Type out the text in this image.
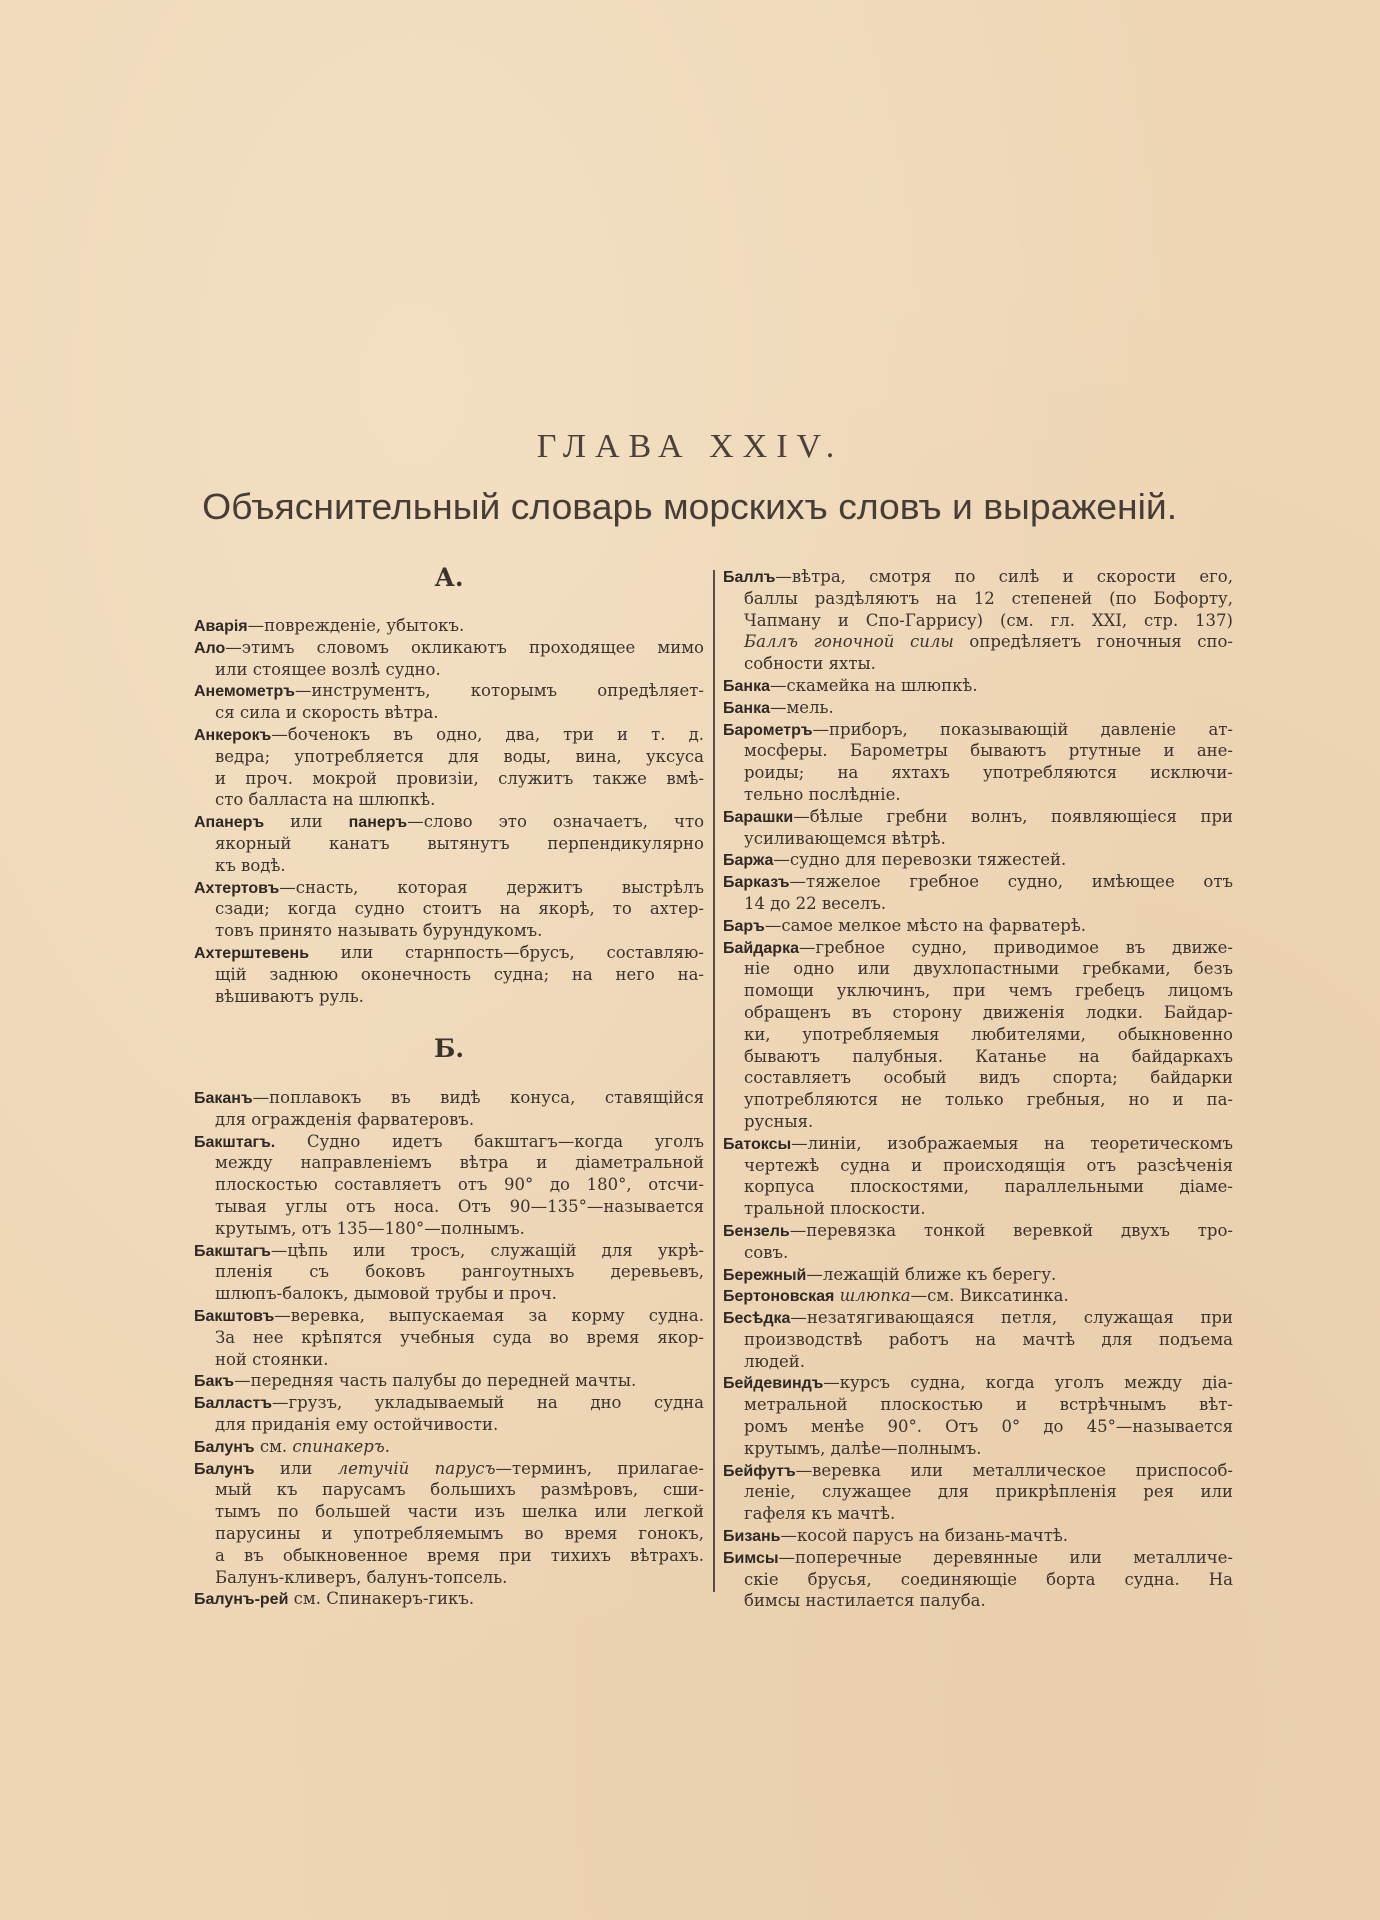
ГЛАВА XXIV.
Объяснительный словарь морскихъ словъ и выраженій.
А.
Аварія—поврежденіе, убытокъ.
Ало—этимъ словомъ окликаютъ проходящее мимо
или стоящее возлѣ судно.
Анемометръ—инструментъ, которымъ опредѣляет-
ся сила и скорость вѣтра.
Анкерокъ—боченокъ въ одно, два, три и т. д.
ведра; употребляется для воды, вина, уксуса
и проч. мокрой провизіи, служитъ также вмѣ-
сто балласта на шлюпкѣ.
Апанеръ или панеръ—слово это означаетъ, что
якорный канатъ вытянутъ перпендикулярно
къ водѣ.
Ахтертовъ—снасть, которая держитъ выстрѣлъ
сзади; когда судно стоитъ на якорѣ, то ахтер-
товъ принято называть бурундукомъ.
Ахтерштевень или старнпость—брусъ, составляю-
щій заднюю оконечность судна; на него на-
вѣшиваютъ руль.
Б.
Баканъ—поплавокъ въ видѣ конуса, ставящійся
для огражденія фарватеровъ.
Бакштагъ. Судно идетъ бакштагъ—когда уголъ
между направленіемъ вѣтра и діаметральной
плоскостью составляетъ отъ 90° до 180°, отсчи-
тывая углы отъ носа. Отъ 90—135°—называется
крутымъ, отъ 135—180°—полнымъ.
Бакштагъ—цѣпь или тросъ, служащій для укрѣ-
пленія съ боковъ рангоутныхъ деревьевъ,
шлюпъ-балокъ, дымовой трубы и проч.
Бакштовъ—веревка, выпускаемая за корму судна.
За нее крѣпятся учебныя суда во время якор-
ной стоянки.
Бакъ—передняя часть палубы до передней мачты.
Балластъ—грузъ, укладываемый на дно судна
для приданія ему остойчивости.
Балунъ см. спинакеръ.
Балунъ или летучій парусъ—терминъ, прилагае-
мый къ парусамъ большихъ размѣровъ, сши-
тымъ по большей части изъ шелка или легкой
парусины и употребляемымъ во время гонокъ,
а въ обыкновенное время при тихихъ вѣтрахъ.
Балунъ-кливеръ, балунъ-топсель.
Балунъ-рей см. Спинакеръ-гикъ.
Баллъ—вѣтра, смотря по силѣ и скорости его,
баллы раздѣляютъ на 12 степеней (по Бофорту,
Чапману и Спо-Гаррису) (см. гл. XXI, стр. 137)
Баллъ гоночной силы опредѣляетъ гоночныя спо-
собности яхты.
Банка—скамейка на шлюпкѣ.
Банка—мель.
Барометръ—приборъ, показывающій давленіе ат-
мосферы. Барометры бываютъ ртутные и ане-
роиды; на яхтахъ употребляются исключи-
тельно послѣдніе.
Барашки—бѣлые гребни волнъ, появляющіеся при
усиливающемся вѣтрѣ.
Баржа—судно для перевозки тяжестей.
Барказъ—тяжелое гребное судно, имѣющее отъ
14 до 22 веселъ.
Баръ—самое мелкое мѣсто на фарватерѣ.
Байдарка—гребное судно, приводимое въ движе-
ніе одно или двухлопастными гребками, безъ
помощи уключинъ, при чемъ гребецъ лицомъ
обращенъ въ сторону движенія лодки. Байдар-
ки, употребляемыя любителями, обыкновенно
бываютъ палубныя. Катанье на байдаркахъ
составляетъ особый видъ спорта; байдарки
употребляются не только гребныя, но и па-
русныя.
Батоксы—линіи, изображаемыя на теоретическомъ
чертежѣ судна и происходящія отъ разсѣченія
корпуса плоскостями, параллельными діаме-
тральной плоскости.
Бензель—перевязка тонкой веревкой двухъ тро-
совъ.
Бережный—лежащій ближе къ берегу.
Бертоновская шлюпка—см. Виксатинка.
Бесѣдка—незатягивающаяся петля, служащая при
производствѣ работъ на мачтѣ для подъема
людей.
Бейдевиндъ—курсъ судна, когда уголъ между діа-
метральной плоскостью и встрѣчнымъ вѣт-
ромъ менѣе 90°. Отъ 0° до 45°—называется
крутымъ, далѣе—полнымъ.
Бейфутъ—веревка или металлическое приспособ-
леніе, служащее для прикрѣпленія рея или
гафеля къ мачтѣ.
Бизань—косой парусъ на бизань-мачтѣ.
Бимсы—поперечные деревянные или металличе-
скіе брусья, соединяющіе борта судна. На
бимсы настилается палуба.
